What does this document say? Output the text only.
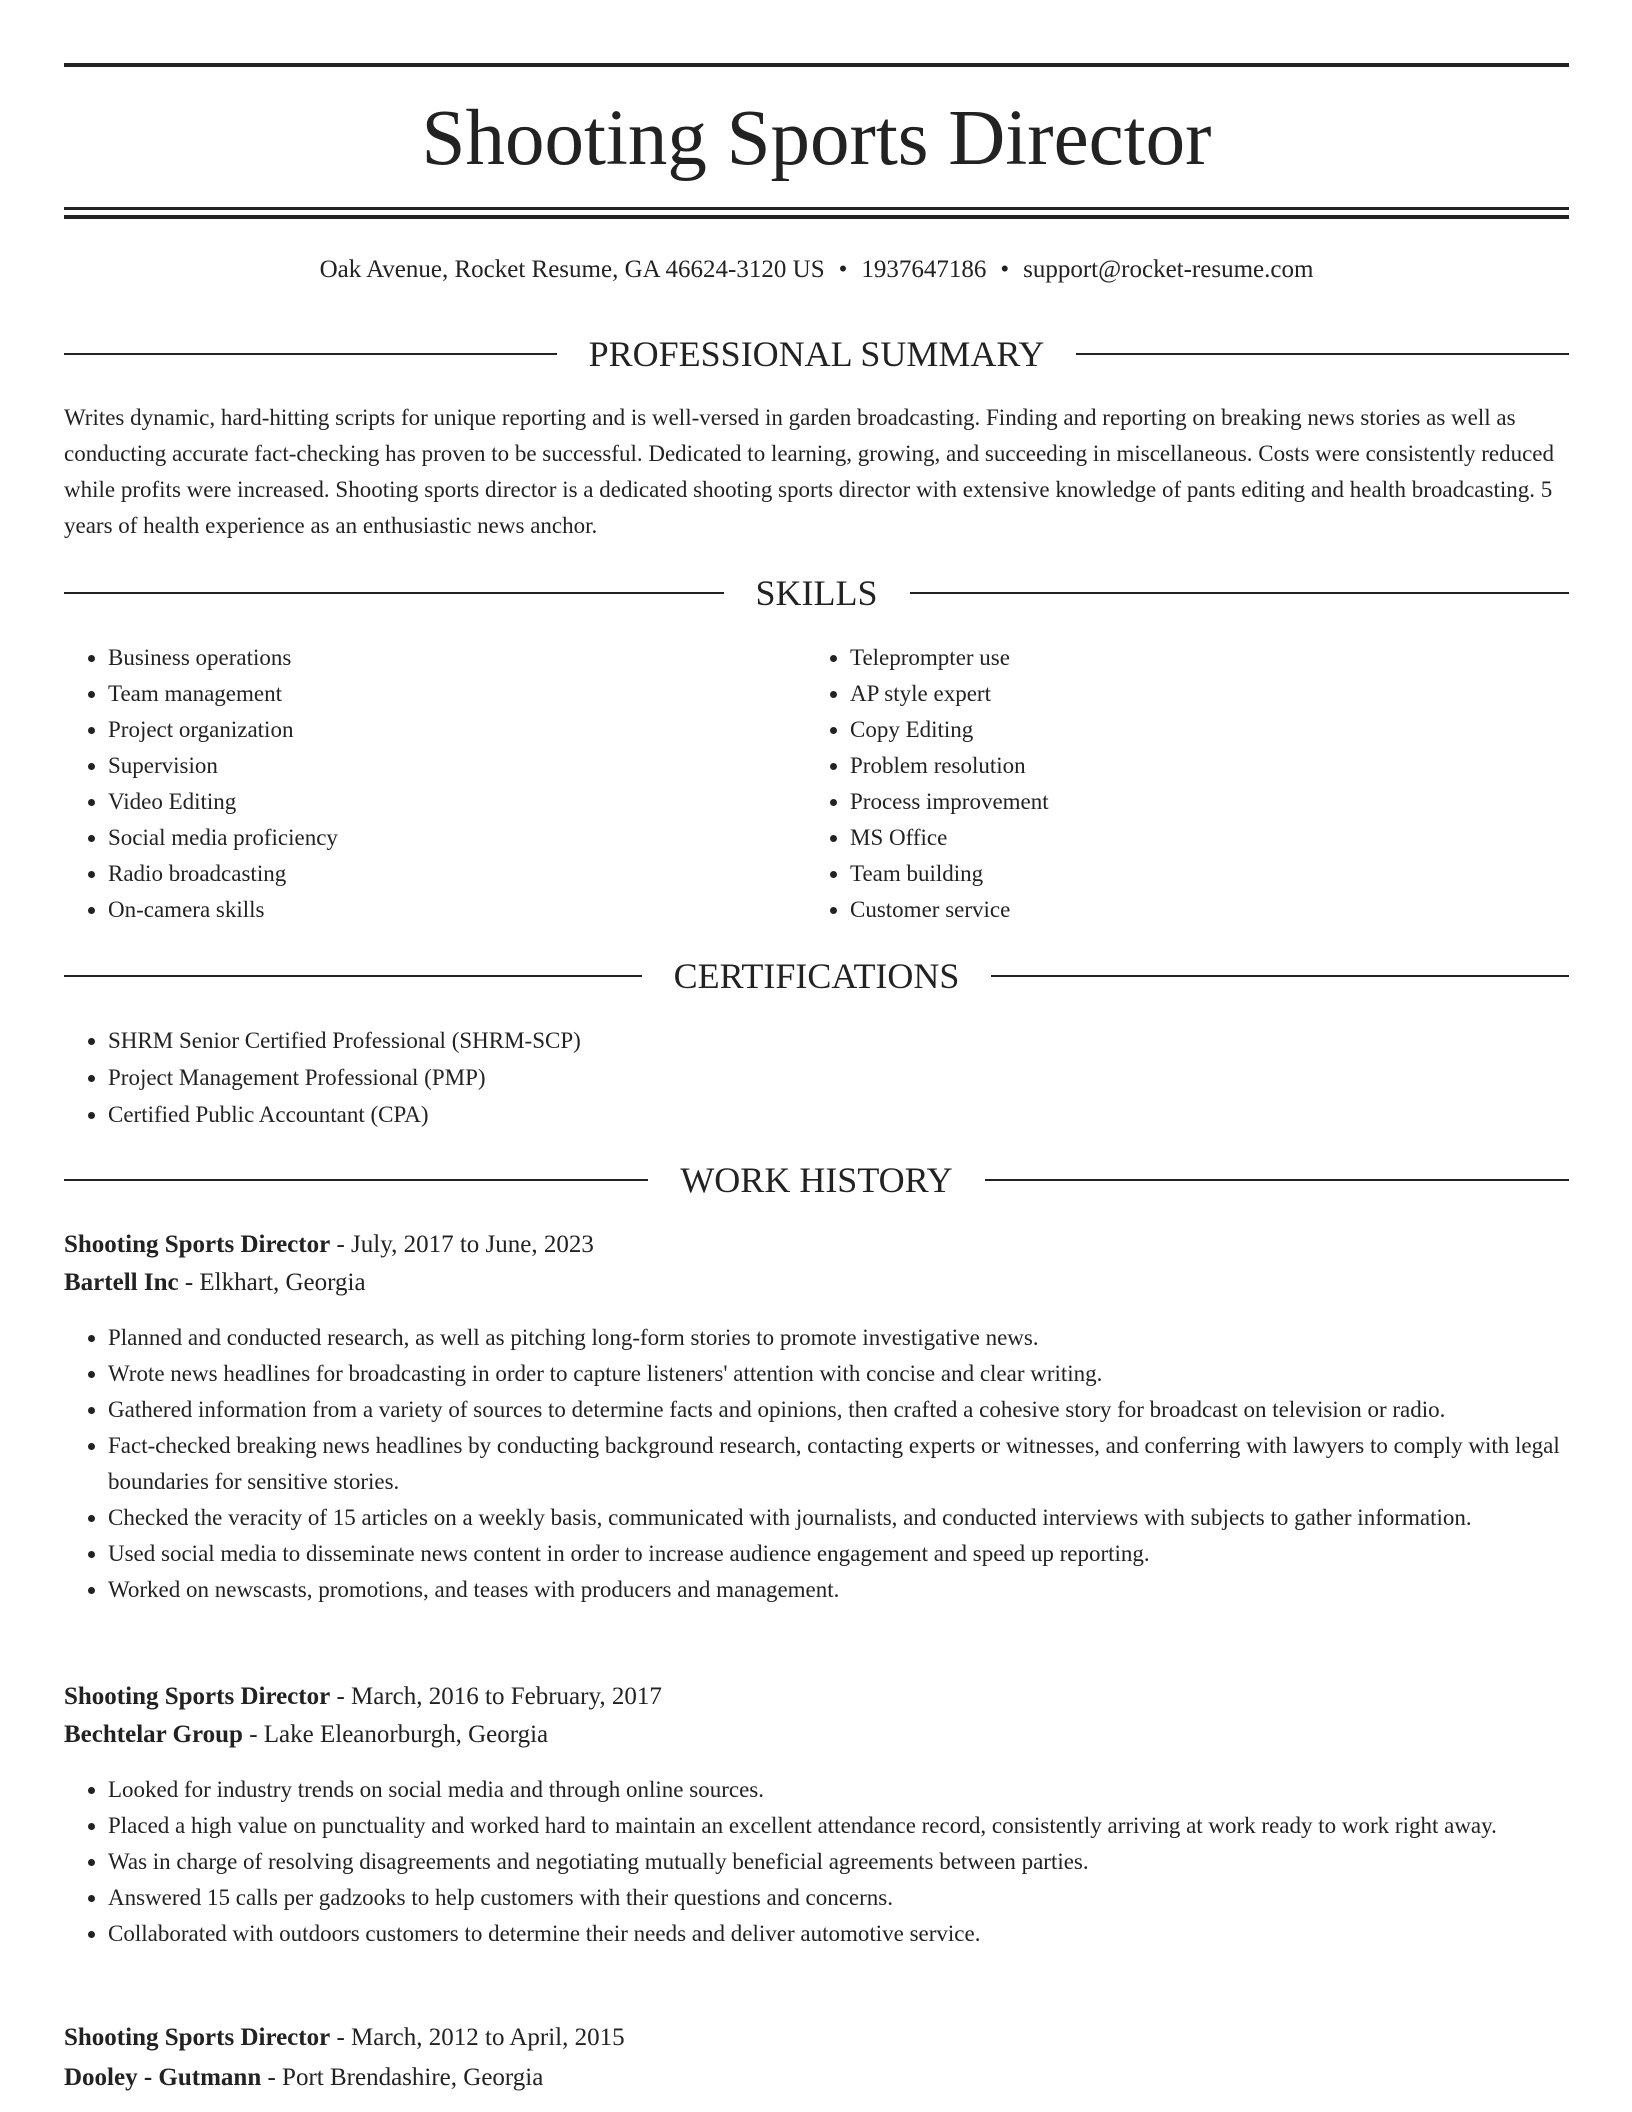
Shooting Sports Director
Oak Avenue, Rocket Resume, GA 46624-3120 US • 1937647186 • support@rocket-resume.com
PROFESSIONAL SUMMARY

Writes dynamic, hard-hitting scripts for unique reporting and is well-versed in garden broadcasting. Finding and reporting on breaking news stories as well as conducting accurate fact-checking has proven to be successful. Dedicated to learning, growing, and succeeding in miscellaneous. Costs were consistently reduced while profits were increased. Shooting sports director is a dedicated shooting sports director with extensive knowledge of pants editing and health broadcasting. 5 years of health experience as an enthusiastic news anchor.

SKILLS
• Business operations
• Team management
• Project organization
• Supervision
• Video Editing
• Social media proficiency
• Radio broadcasting
• On-camera skills
• Teleprompter use
• AP style expert
• Copy Editing
• Problem resolution
• Process improvement
• MS Office
• Team building
• Customer service
CERTIFICATIONS
• SHRM Senior Certified Professional (SHRM-SCP)
• Project Management Professional (PMP)
• Certified Public Accountant (CPA)
WORK HISTORY
Shooting Sports Director - July, 2017 to June, 2023
Bartell Inc - Elkhart, Georgia
• Planned and conducted research, as well as pitching long-form stories to promote investigative news.
• Wrote news headlines for broadcasting in order to capture listeners' attention with concise and clear writing.
• Gathered information from a variety of sources to determine facts and opinions, then crafted a cohesive story for broadcast on television or radio.
• Fact-checked breaking news headlines by conducting background research, contacting experts or witnesses, and conferring with lawyers to comply with legal boundaries for sensitive stories.
• Checked the veracity of 15 articles on a weekly basis, communicated with journalists, and conducted interviews with subjects to gather information.
• Used social media to disseminate news content in order to increase audience engagement and speed up reporting.
• Worked on newscasts, promotions, and teases with producers and management.
Shooting Sports Director - March, 2016 to February, 2017
Bechtelar Group - Lake Eleanorburgh, Georgia
• Looked for industry trends on social media and through online sources.
• Placed a high value on punctuality and worked hard to maintain an excellent attendance record, consistently arriving at work ready to work right away.
• Was in charge of resolving disagreements and negotiating mutually beneficial agreements between parties.
• Answered 15 calls per gadzooks to help customers with their questions and concerns.
• Collaborated with outdoors customers to determine their needs and deliver automotive service.
Shooting Sports Director - March, 2012 to April, 2015
Dooley - Gutmann - Port Brendashire, Georgia
